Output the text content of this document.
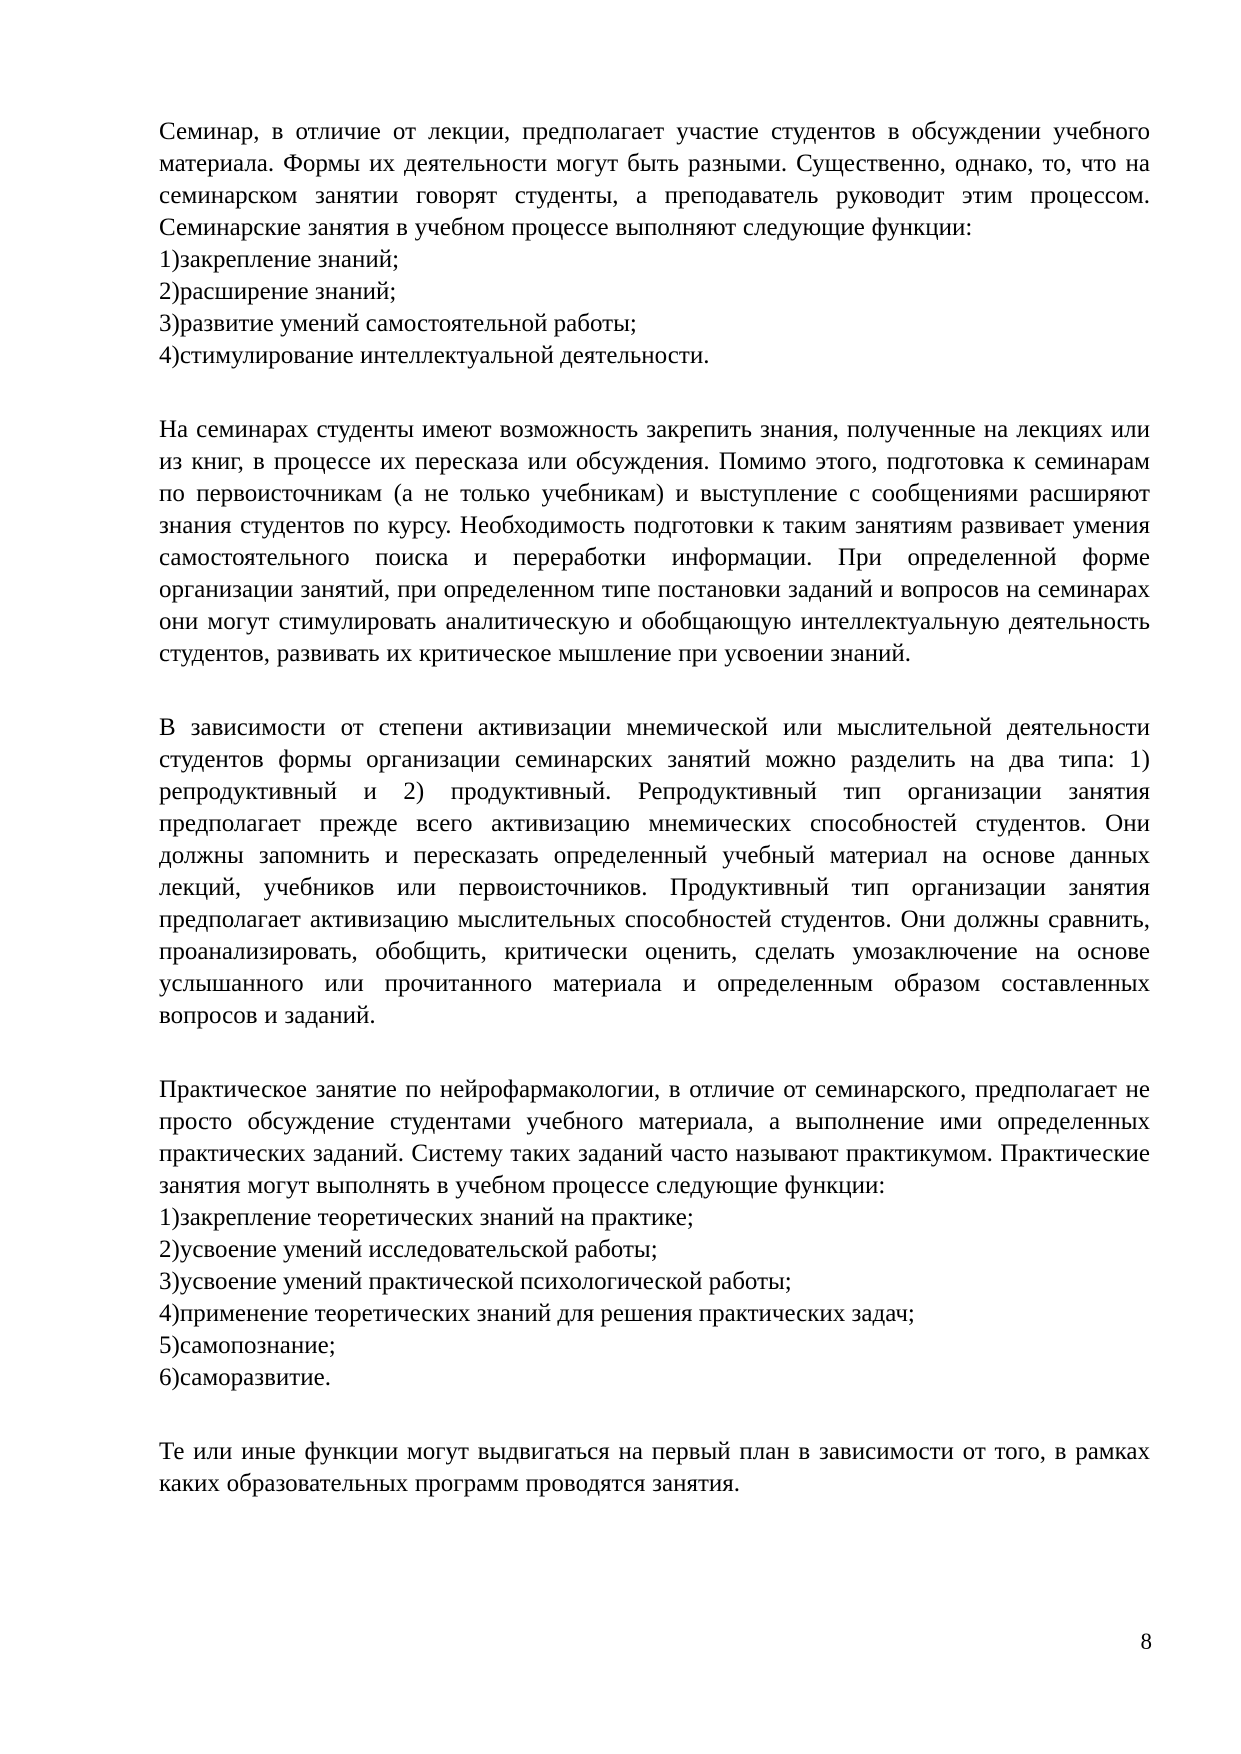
Семинар, в отличие от лекции, предполагает участие студентов в обсуждении учебного материала. Формы их деятельности могут быть разными. Существенно, однако, то, что на семинарском занятии говорят студенты, а преподаватель руководит этим процессом. Семинарские занятия в учебном процессе выполняют следующие функции:

1)закрепление знаний;
2)расширение знаний;
3)развитие умений самостоятельной работы;
4)стимулирование интеллектуальной деятельности.

На семинарах студенты имеют возможность закрепить знания, полученные на лекциях или из книг, в процессе их пересказа или обсуждения. Помимо этого, подготовка к семинарам по первоисточникам (а не только учебникам) и выступление с сообщениями расширяют знания студентов по курсу. Необходимость подготовки к таким занятиям развивает умения самостоятельного поиска и переработки информации. При определенной форме организации занятий, при определенном типе постановки заданий и вопросов на семинарах они могут стимулировать аналитическую и обобщающую интеллектуальную деятельность студентов, развивать их критическое мышление при усвоении знаний.

В зависимости от степени активизации мнемической или мыслительной деятельности студентов формы организации семинарских занятий можно разделить на два типа: 1) репродуктивный и 2) продуктивный. Репродуктивный тип организации занятия предполагает прежде всего активизацию мнемических способностей студентов. Они должны запомнить и пересказать определенный учебный материал на основе данных лекций, учебников или первоисточников. Продуктивный тип организации занятия предполагает активизацию мыслительных способностей студентов. Они должны сравнить, проанализировать, обобщить, критически оценить, сделать умозаключение на основе услышанного или прочитанного материала и определенным образом составленных вопросов и заданий.

Практическое занятие по нейрофармакологии, в отличие от семинарского, предполагает не просто обсуждение студентами учебного материала, а выполнение ими определенных практических заданий. Систему таких заданий часто называют практикумом. Практические занятия могут выполнять в учебном процессе следующие функции:

1)закрепление теоретических знаний на практике;
2)усвоение умений исследовательской работы;
3)усвоение умений практической психологической работы;
4)применение теоретических знаний для решения практических задач;
5)самопознание;
6)саморазвитие.

Те или иные функции могут выдвигаться на первый план в зависимости от того, в рамках каких образовательных программ проводятся занятия.

8
